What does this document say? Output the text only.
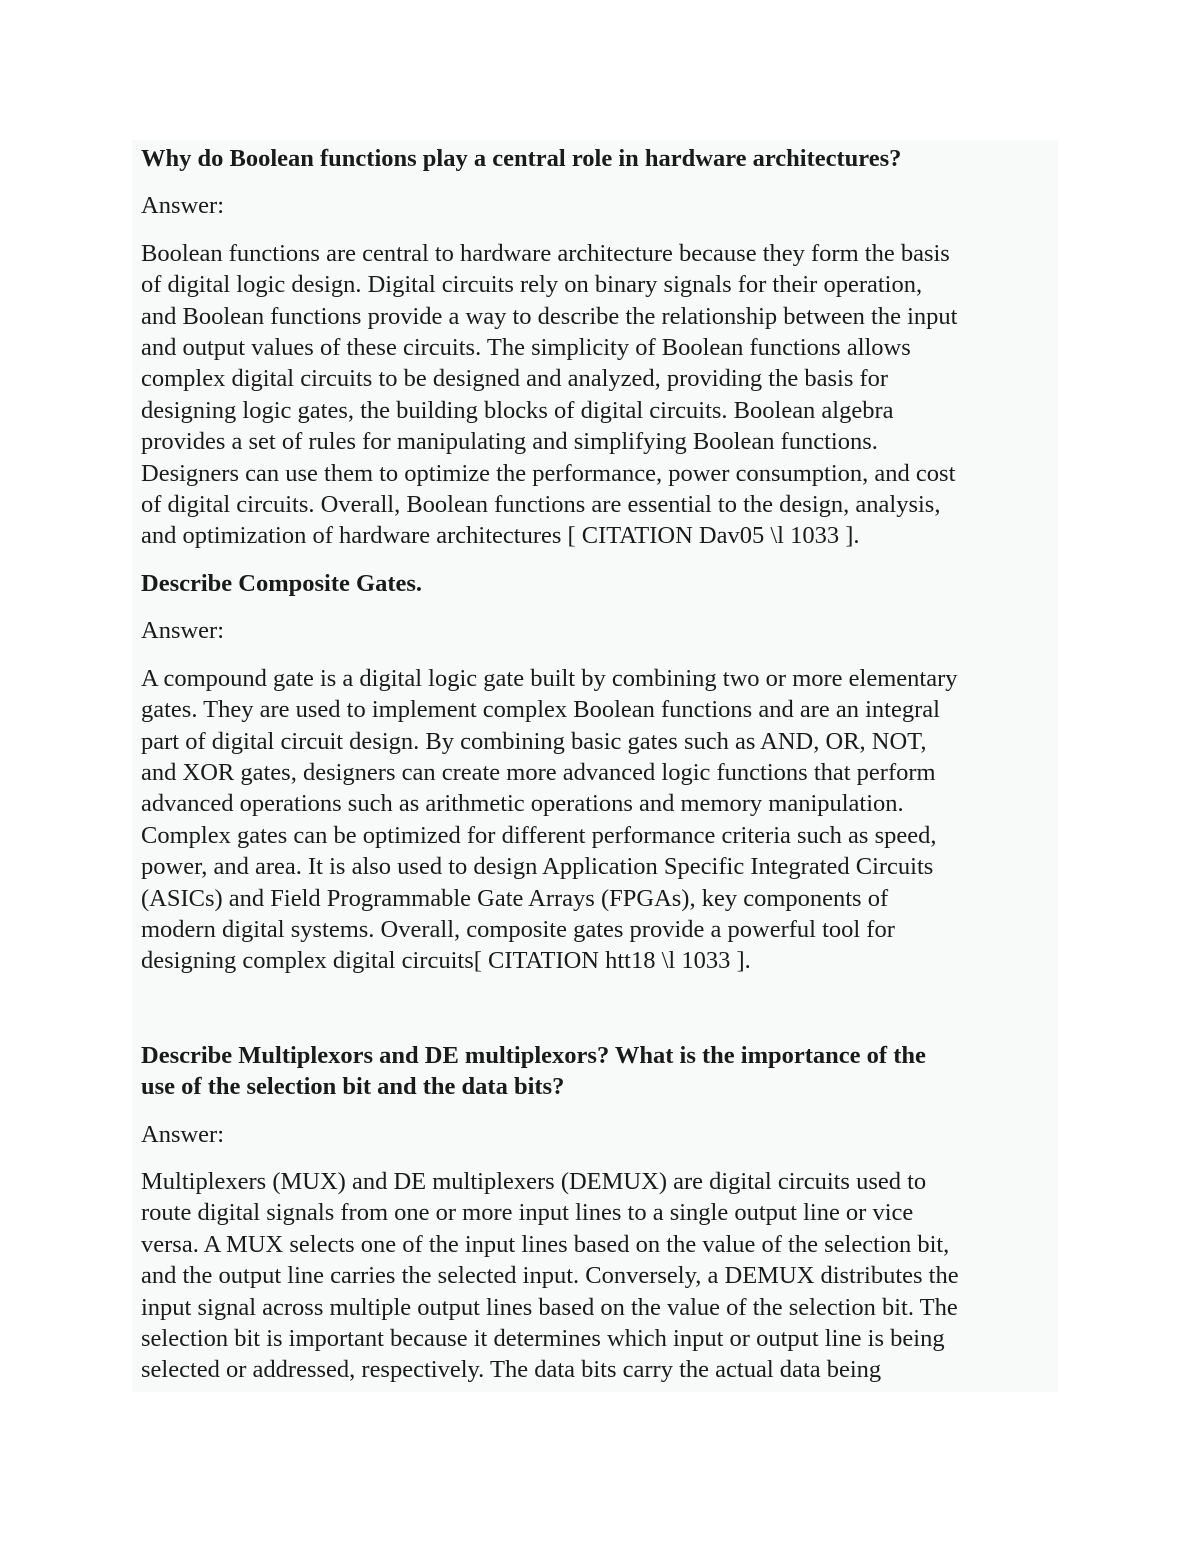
Why do Boolean functions play a central role in hardware architectures?

Answer:

Boolean functions are central to hardware architecture because they form the basis
of digital logic design. Digital circuits rely on binary signals for their operation,
and Boolean functions provide a way to describe the relationship between the input
and output values of these circuits. The simplicity of Boolean functions allows
complex digital circuits to be designed and analyzed, providing the basis for
designing logic gates, the building blocks of digital circuits. Boolean algebra
provides a set of rules for manipulating and simplifying Boolean functions.
Designers can use them to optimize the performance, power consumption, and cost
of digital circuits. Overall, Boolean functions are essential to the design, analysis,
and optimization of hardware architectures [ CITATION Dav05 \l 1033 ].

Describe Composite Gates.

Answer:

A compound gate is a digital logic gate built by combining two or more elementary
gates. They are used to implement complex Boolean functions and are an integral
part of digital circuit design. By combining basic gates such as AND, OR, NOT,
and XOR gates, designers can create more advanced logic functions that perform
advanced operations such as arithmetic operations and memory manipulation.
Complex gates can be optimized for different performance criteria such as speed,
power, and area. It is also used to design Application Specific Integrated Circuits
(ASICs) and Field Programmable Gate Arrays (FPGAs), key components of
modern digital systems. Overall, composite gates provide a powerful tool for
designing complex digital circuits[ CITATION htt18 \l 1033 ].
Describe Multiplexors and DE multiplexors? What is the importance of the
use of the selection bit and the data bits?

Answer:

Multiplexers (MUX) and DE multiplexers (DEMUX) are digital circuits used to
route digital signals from one or more input lines to a single output line or vice
versa. A MUX selects one of the input lines based on the value of the selection bit,
and the output line carries the selected input. Conversely, a DEMUX distributes the
input signal across multiple output lines based on the value of the selection bit. The
selection bit is important because it determines which input or output line is being
selected or addressed, respectively. The data bits carry the actual data being
